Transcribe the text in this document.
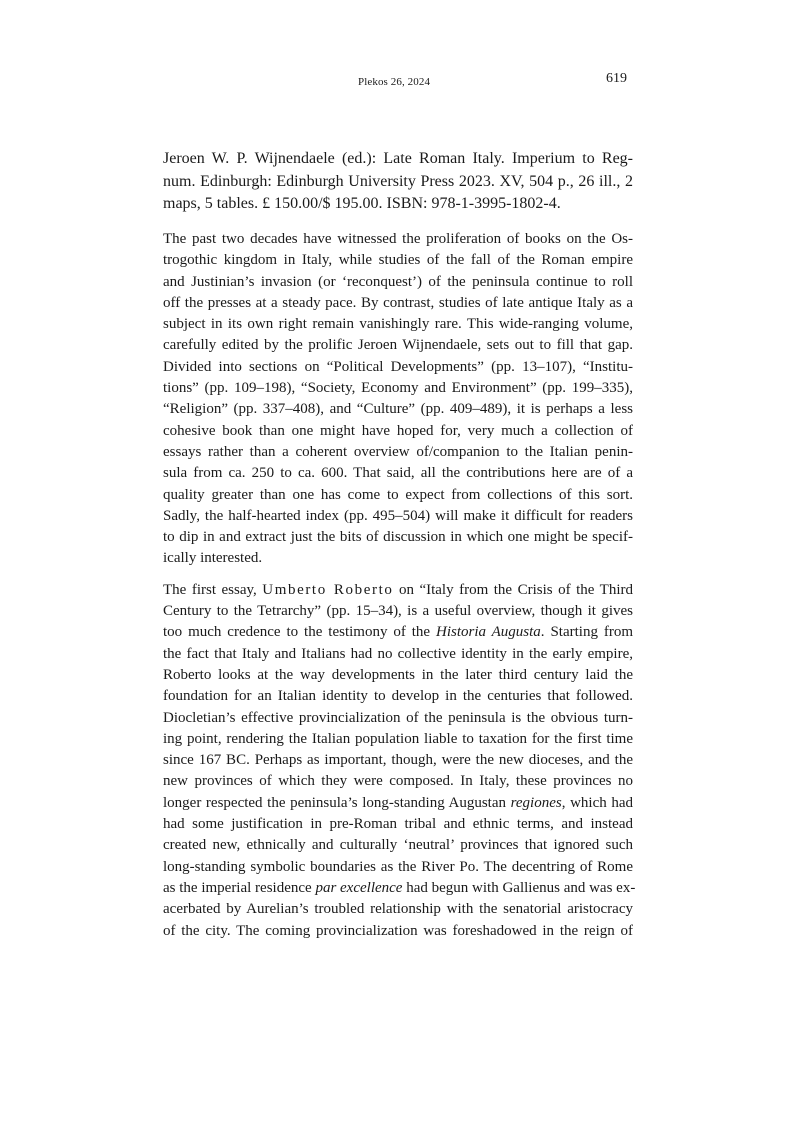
Plekos 26, 2024	619
Jeroen W. P. Wijnendaele (ed.): Late Roman Italy. Imperium to Reg- num. Edinburgh: Edinburgh University Press 2023. XV, 504 p., 26 ill., 2 maps, 5 tables. £ 150.00/$ 195.00. ISBN: 978-1-3995-1802-4.

The past two decades have witnessed the proliferation of books on the Os-
trogothic kingdom in Italy, while studies of the fall of the Roman empire
and Justinian’s invasion (or ‘reconquest’) of the peninsula continue to roll
off the presses at a steady pace. By contrast, studies of late antique Italy as a
subject in its own right remain vanishingly rare. This wide-ranging volume,
carefully edited by the prolific Jeroen Wijnendaele, sets out to fill that gap.
Divided into sections on “Political Developments” (pp. 13–107), “Institu-
tions” (pp. 109–198), “Society, Economy and Environment” (pp. 199–335),
“Religion” (pp. 337–408), and “Culture” (pp. 409–489), it is perhaps a less
cohesive book than one might have hoped for, very much a collection of
essays rather than a coherent overview of/companion to the Italian penin-
sula from ca. 250 to ca. 600. That said, all the contributions here are of a
quality greater than one has come to expect from collections of this sort.
Sadly, the half-hearted index (pp. 495–504) will make it difficult for readers
to dip in and extract just the bits of discussion in which one might be specif-
ically interested.

The first essay, Umberto Roberto on “Italy from the Crisis of the Third
Century to the Tetrarchy” (pp. 15–34), is a useful overview, though it gives
too much credence to the testimony of the Historia Augusta. Starting from
the fact that Italy and Italians had no collective identity in the early empire,
Roberto looks at the way developments in the later third century laid the
foundation for an Italian identity to develop in the centuries that followed.
Diocletian’s effective provincialization of the peninsula is the obvious turn-
ing point, rendering the Italian population liable to taxation for the first time
since 167 BC. Perhaps as important, though, were the new dioceses, and the
new provinces of which they were composed. In Italy, these provinces no
longer respected the peninsula’s long-standing Augustan regiones, which had
had some justification in pre-Roman tribal and ethnic terms, and instead
created new, ethnically and culturally ‘neutral’ provinces that ignored such
long-standing symbolic boundaries as the River Po. The decentring of Rome
as the imperial residence par excellence had begun with Gallienus and was ex-
acerbated by Aurelian’s troubled relationship with the senatorial aristocracy
of the city. The coming provincialization was foreshadowed in the reign of
